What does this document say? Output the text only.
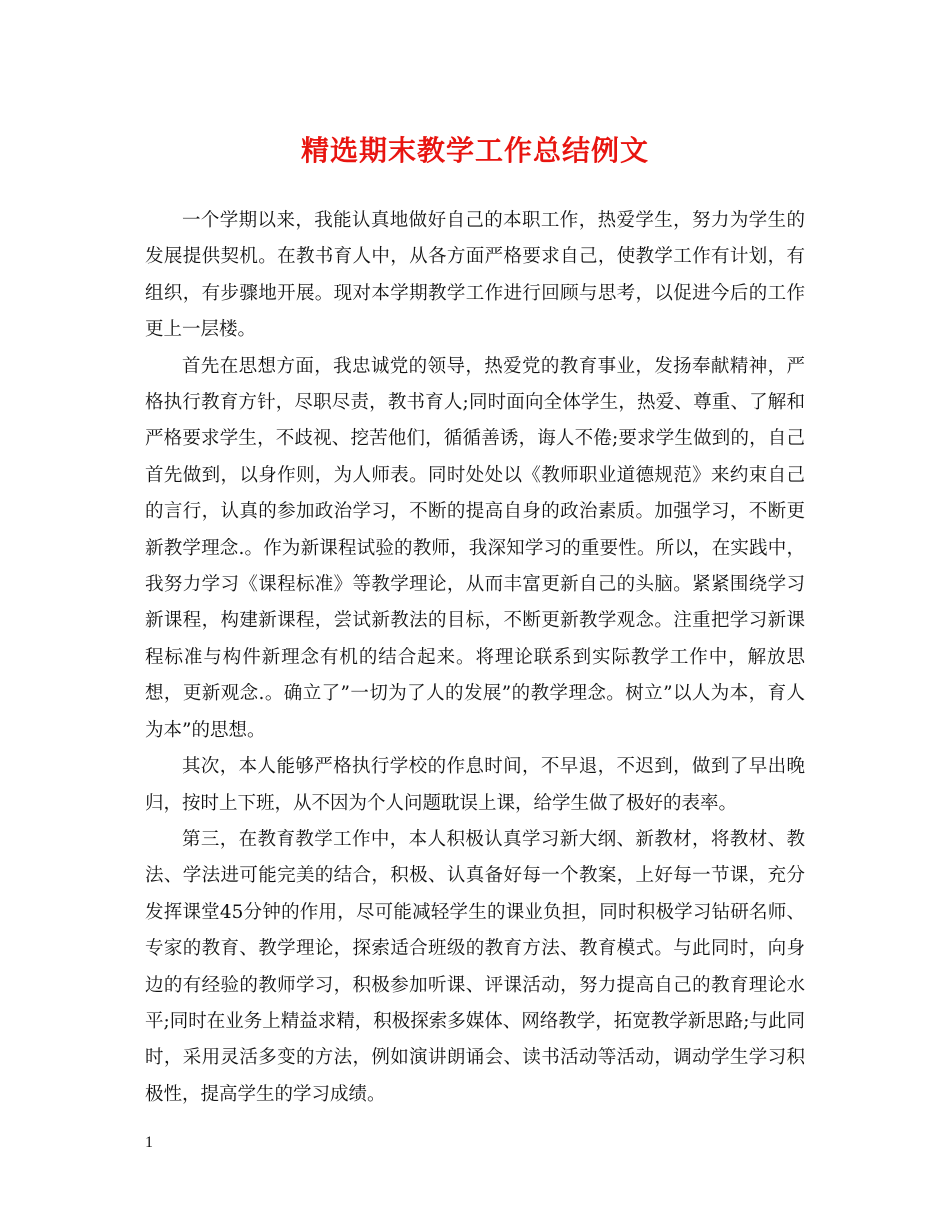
精选期末教学工作总结例文

一个学期以来，我能认真地做好自己的本职工作，热爱学生，努力为学生的发展提供契机。在教书育人中，从各方面严格要求自己，使教学工作有计划，有组织，有步骤地开展。现对本学期教学工作进行回顾与思考，以促进今后的工作更上一层楼。

首先在思想方面，我忠诚党的领导，热爱党的教育事业，发扬奉献精神，严格执行教育方针，尽职尽责，教书育人;同时面向全体学生，热爱、尊重、了解和严格要求学生，不歧视、挖苦他们，循循善诱，诲人不倦;要求学生做到的，自己首先做到，以身作则，为人师表。同时处处以《教师职业道德规范》来约束自己的言行，认真的参加政治学习，不断的提高自身的政治素质。加强学习，不断更新教学理念.。作为新课程试验的教师，我深知学习的重要性。所以，在实践中，我努力学习《课程标准》等教学理论，从而丰富更新自己的头脑。紧紧围绕学习新课程，构建新课程，尝试新教法的目标，不断更新教学观念。注重把学习新课程标准与构件新理念有机的结合起来。将理论联系到实际教学工作中，解放思想，更新观念.。确立了”一切为了人的发展”的教学理念。树立”以人为本，育人为本”的思想。

其次，本人能够严格执行学校的作息时间，不早退，不迟到，做到了早出晚归，按时上下班，从不因为个人问题耽误上课，给学生做了极好的表率。

第三，在教育教学工作中，本人积极认真学习新大纲、新教材，将教材、教法、学法进可能完美的结合，积极、认真备好每一个教案，上好每一节课，充分发挥课堂45分钟的作用，尽可能减轻学生的课业负担，同时积极学习钻研名师、专家的教育、教学理论，探索适合班级的教育方法、教育模式。与此同时，向身边的有经验的教师学习，积极参加听课、评课活动，努力提高自己的教育理论水平;同时在业务上精益求精，积极探索多媒体、网络教学，拓宽教学新思路;与此同时，采用灵活多变的方法，例如演讲朗诵会、读书活动等活动，调动学生学习积极性，提高学生的学习成绩。

1
